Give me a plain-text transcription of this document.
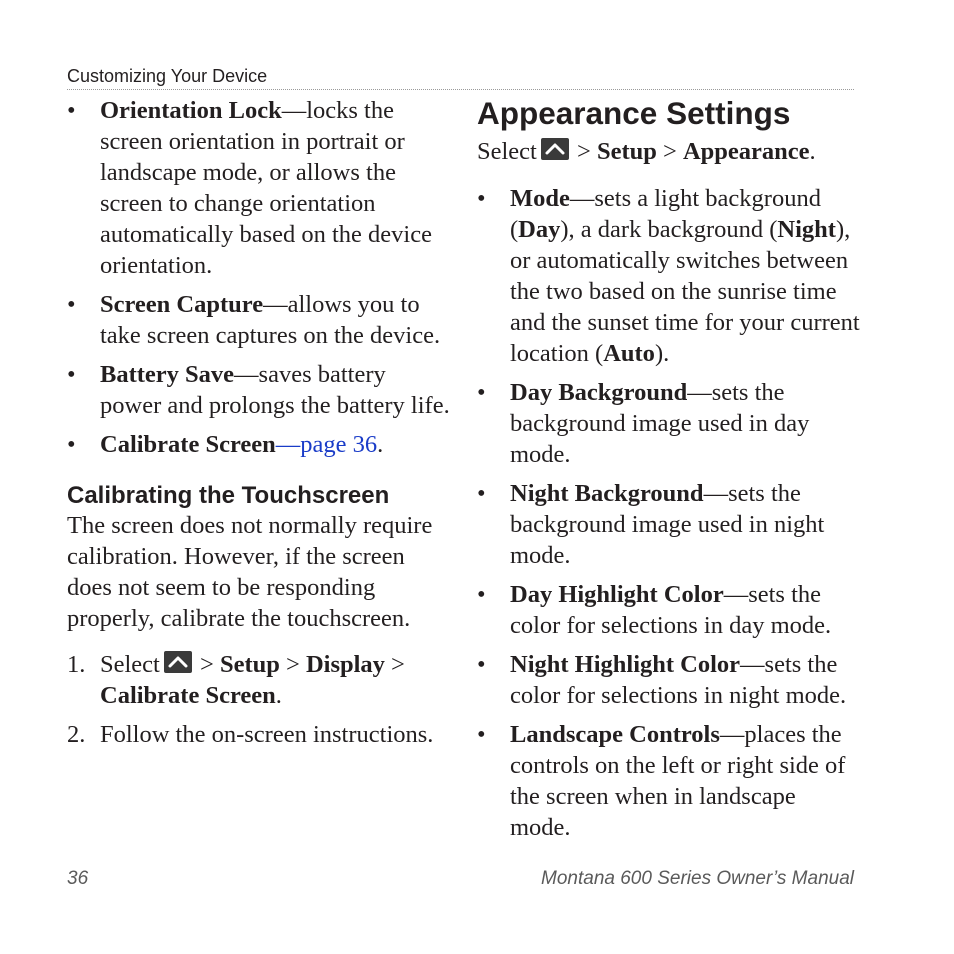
Customizing Your Device
• Orientation Lock—locks the screen orientation in portrait or landscape mode, or allows the screen to change orientation automatically based on the device orientation.
• Screen Capture—allows you to take screen captures on the device.
• Battery Save—saves battery power and prolongs the battery life.
• Calibrate Screen—page 36.
Calibrating the Touchscreen

The screen does not normally require calibration. However, if the screen does not seem to be responding properly, calibrate the touchscreen.

1. Select
> Setup > Display > Calibrate Screen.
2. Follow the on-screen instructions.
Appearance Settings

Select
> Setup > Appearance.

• Mode—sets a light background (Day), a dark background (Night), or automatically switches between the two based on the sunrise time and the sunset time for your current location (Auto).
• Day Background—sets the background image used in day mode.
• Night Background—sets the background image used in night mode.
• Day Highlight Color—sets the color for selections in day mode.
• Night Highlight Color—sets the color for selections in night mode.
• Landscape Controls—places the controls on the left or right side of the screen when in landscape mode.
36	Montana 600 Series Owner’s Manual
